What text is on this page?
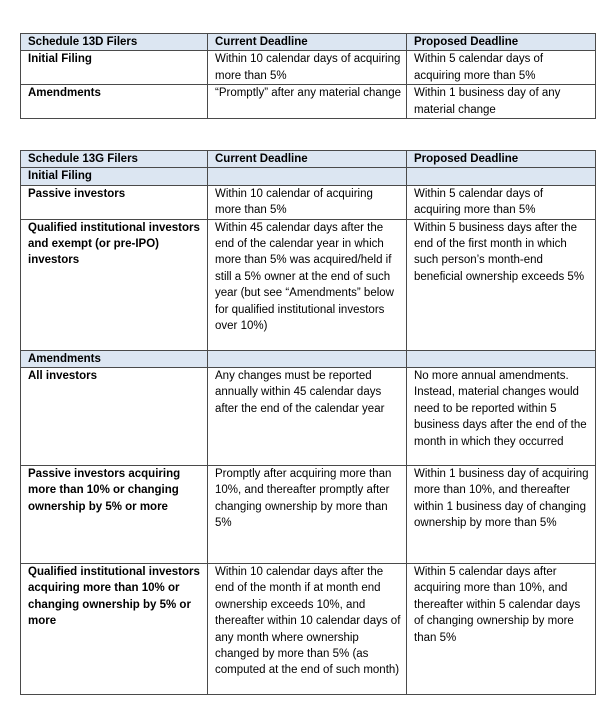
Schedule 13D Filers	Current Deadline	Proposed Deadline
Initial Filing	Within 10 calendar days of acquiring more than 5%	Within 5 calendar days of acquiring more than 5%
Amendments	“Promptly” after any material change	Within 1 business day of any material change
Schedule 13G Filers	Current Deadline	Proposed Deadline
Initial Filing		
Passive investors	Within 10 calendar of acquiring more than 5%	Within 5 calendar days of acquiring more than 5%
Qualified institutional investors and exempt (or pre-IPO) investors	Within 45 calendar days after the end of the calendar year in which more than 5% was acquired/held if still a 5% owner at the end of such year (but see “Amendments” below for qualified institutional investors over 10%)	Within 5 business days after the end of the first month in which such person’s month-end beneficial ownership exceeds 5%
Amendments		
All investors	Any changes must be reported annually within 45 calendar days after the end of the calendar year	No more annual amendments. Instead, material changes would need to be reported within 5 business days after the end of the month in which they occurred
Passive investors acquiring more than 10% or changing ownership by 5% or more	Promptly after acquiring more than 10%, and thereafter promptly after changing ownership by more than 5%	Within 1 business day of acquiring more than 10%, and thereafter within 1 business day of changing ownership by more than 5%
Qualified institutional investors acquiring more than 10% or changing ownership by 5% or more	Within 10 calendar days after the end of the month if at month end ownership exceeds 10%, and thereafter within 10 calendar days of any month where ownership changed by more than 5% (as computed at the end of such month)	Within 5 calendar days after acquiring more than 10%, and thereafter within 5 calendar days of changing ownership by more than 5%
